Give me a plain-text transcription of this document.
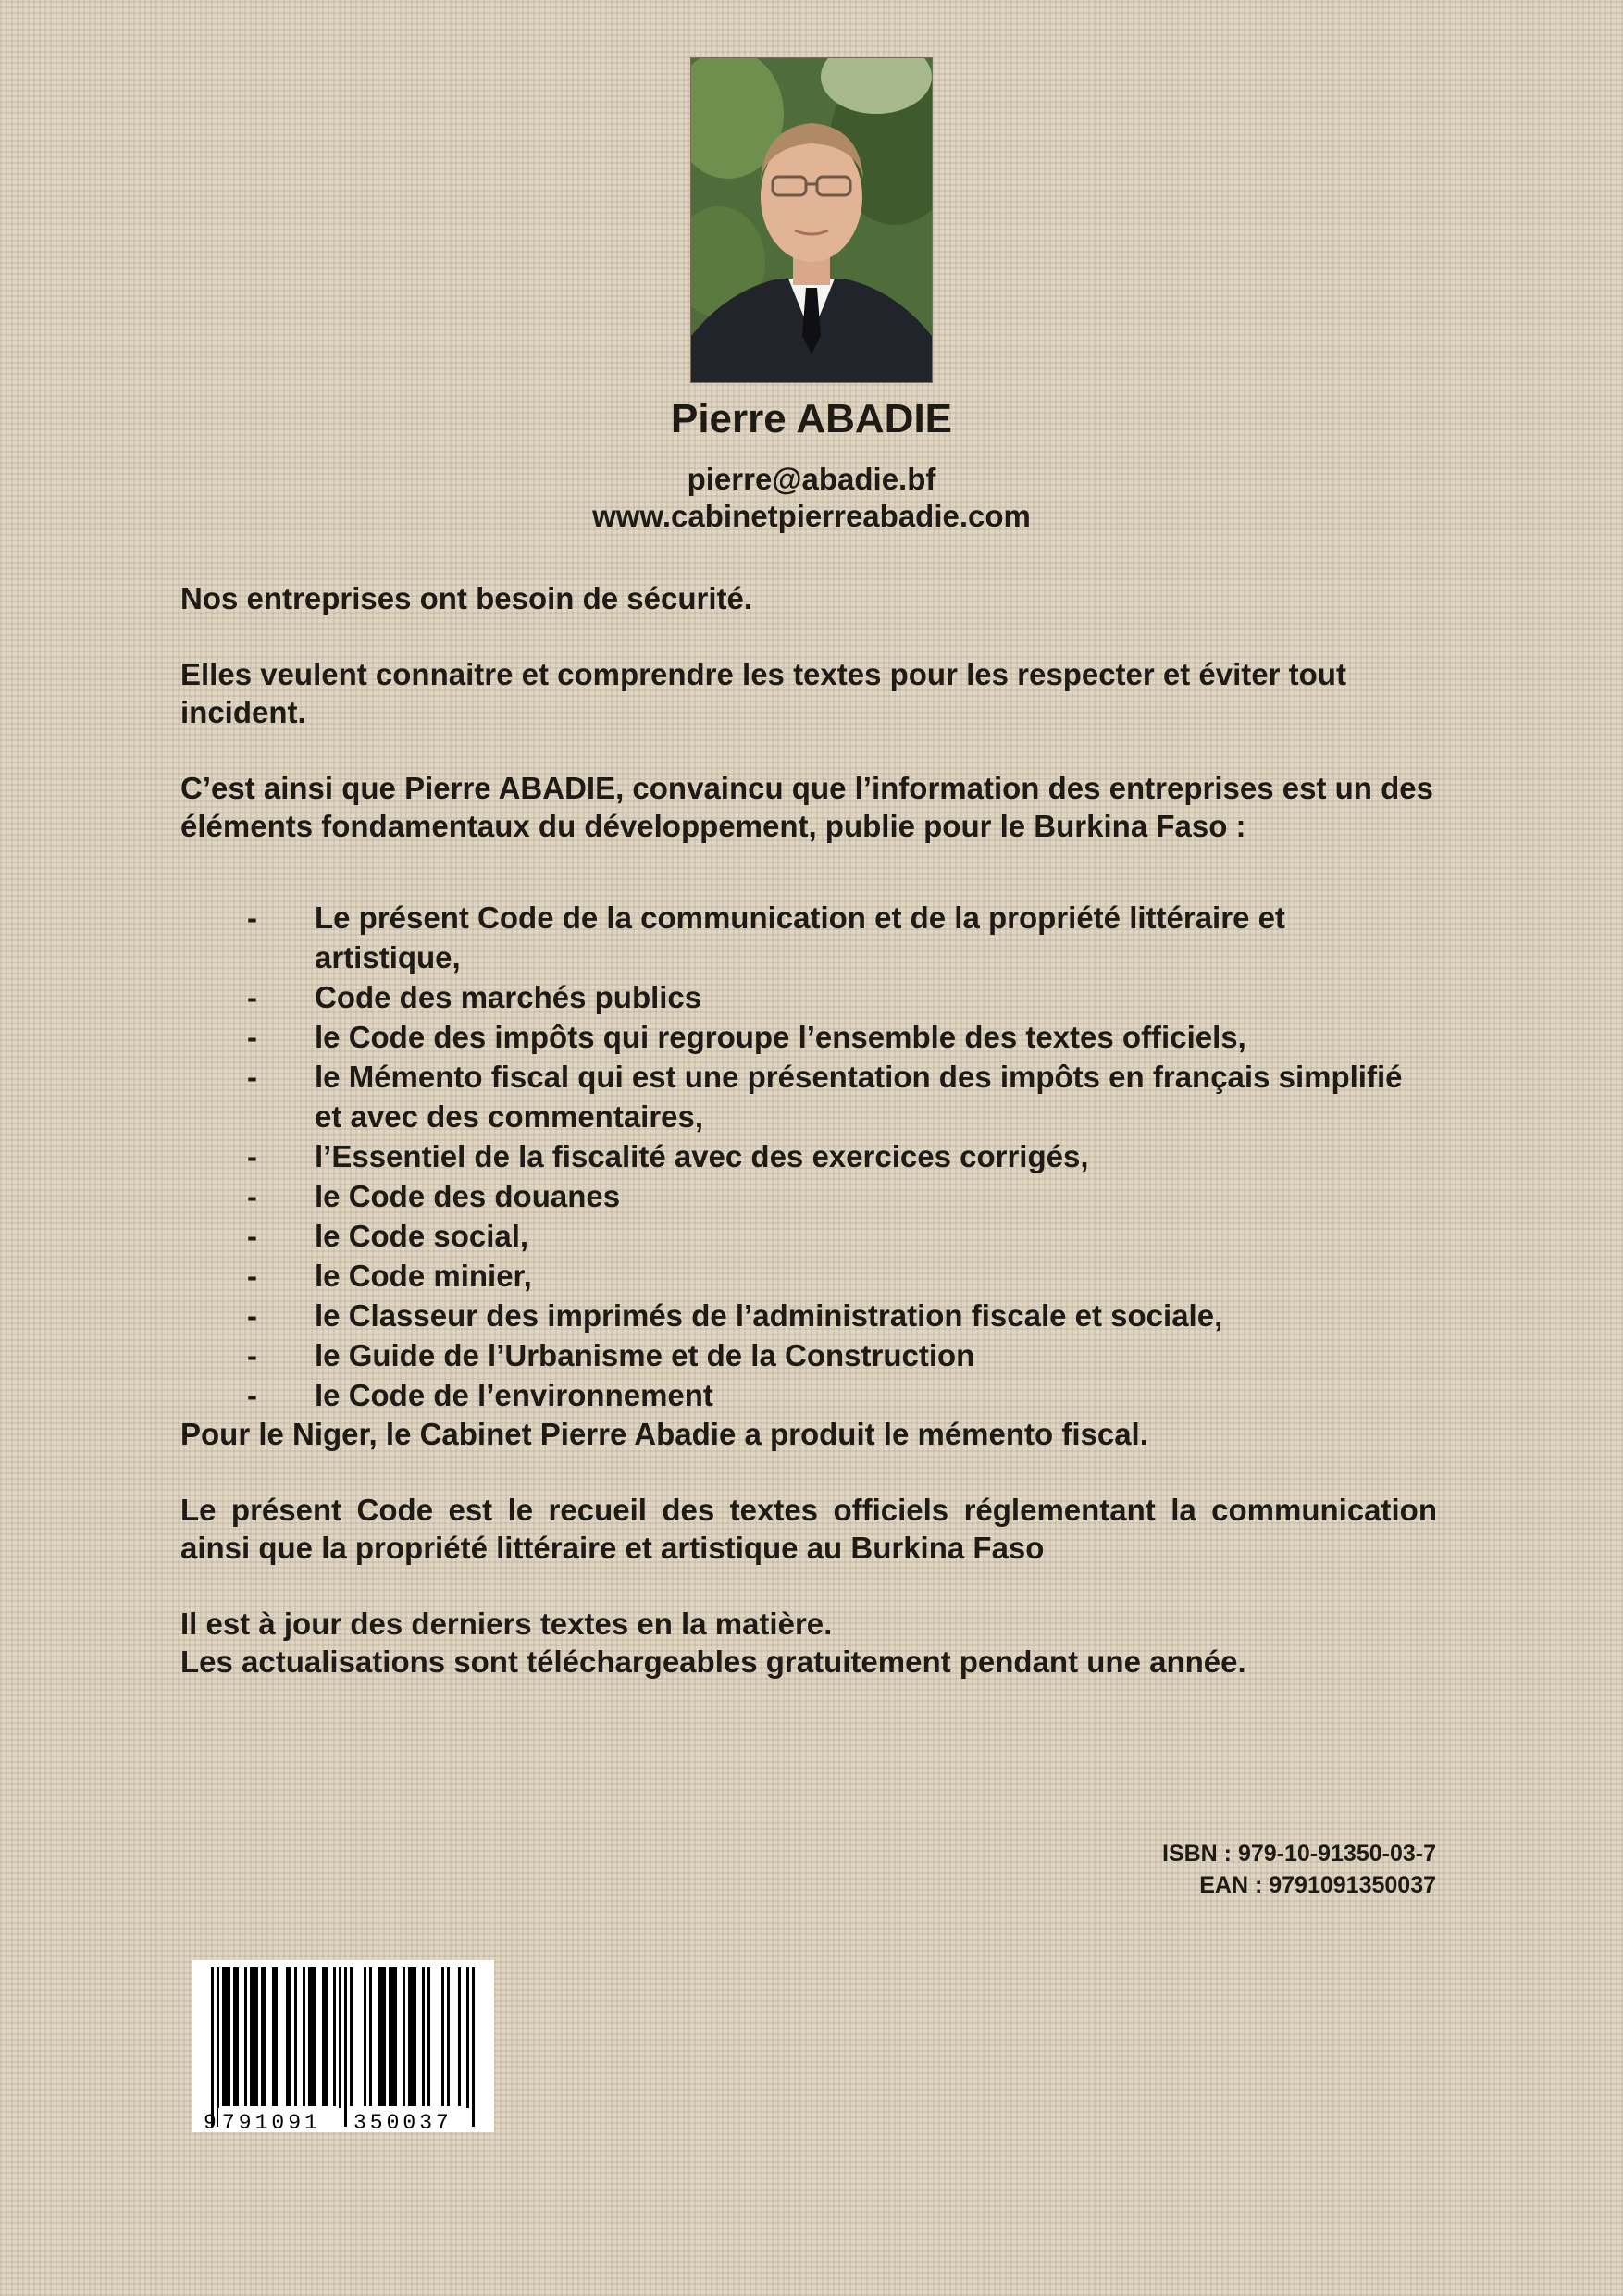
Pierre ABADIE
pierre@abadie.bf
www.cabinetpierreabadie.com

Nos entreprises ont besoin de sécurité.

Elles veulent connaitre et comprendre les textes pour les respecter et éviter tout incident.

C’est ainsi que Pierre ABADIE, convaincu que l’information des entreprises est un des éléments fondamentaux du développement, publie pour le Burkina Faso :

- Le présent Code de la communication et de la propriété littéraire et artistique,
- Code des marchés publics
- le Code des impôts qui regroupe l’ensemble des textes officiels,
- le Mémento fiscal qui est une présentation des impôts en français simplifié et avec des commentaires,
- l’Essentiel de la fiscalité avec des exercices corrigés,
- le Code des douanes
- le Code social,
- le Code minier,
- le Classeur des imprimés de l’administration fiscale et sociale,
- le Guide de l’Urbanisme et de la Construction
- le Code de l’environnement

Pour le Niger, le Cabinet Pierre Abadie a produit le mémento fiscal.

Le présent Code est le recueil des textes officiels réglementant la communication ainsi que la propriété littéraire et artistique au Burkina Faso

Il est à jour des derniers textes en la matière.

Les actualisations sont téléchargeables gratuitement pendant une année.

ISBN : 979-10-91350-03-7
EAN : 9791091350037
9 791091 350037
